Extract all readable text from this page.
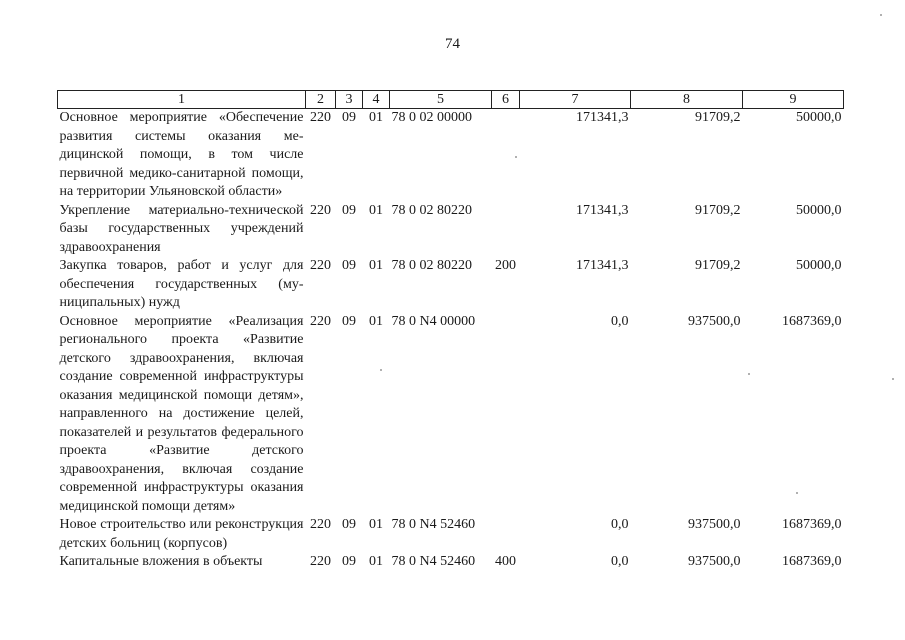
74
1	2	3	4	5	6	7	8	9
Основное мероприятие «Обеспечение развития системы оказания медицинской помощи, в том числе первичной медико-санитарной помощи, на территории Ульяновской области»	220	09	01	78 0 02 00000		171341,3	91709,2	50000,0
Укрепление материально-технической базы государственных учреждений здравоохранения	220	09	01	78 0 02 80220		171341,3	91709,2	50000,0
Закупка товаров, работ и услуг для обеспечения государственных (муниципальных) нужд	220	09	01	78 0 02 80220	200	171341,3	91709,2	50000,0
Основное мероприятие «Реализация регионального проекта «Развитие детского здравоохранения, включая создание современной инфраструктуры оказания медицинской помощи детям», направленного на достижение целей, показателей и результатов федерального проекта «Развитие детского здравоохранения, включая создание современной инфраструктуры оказания медицинской помощи детям»	220	09	01	78 0 N4 00000		0,0	937500,0	1687369,0
Новое строительство или реконструкция детских больниц (корпусов)	220	09	01	78 0 N4 52460		0,0	937500,0	1687369,0
Капитальные вложения в объекты	220	09	01	78 0 N4 52460	400	0,0	937500,0	1687369,0
